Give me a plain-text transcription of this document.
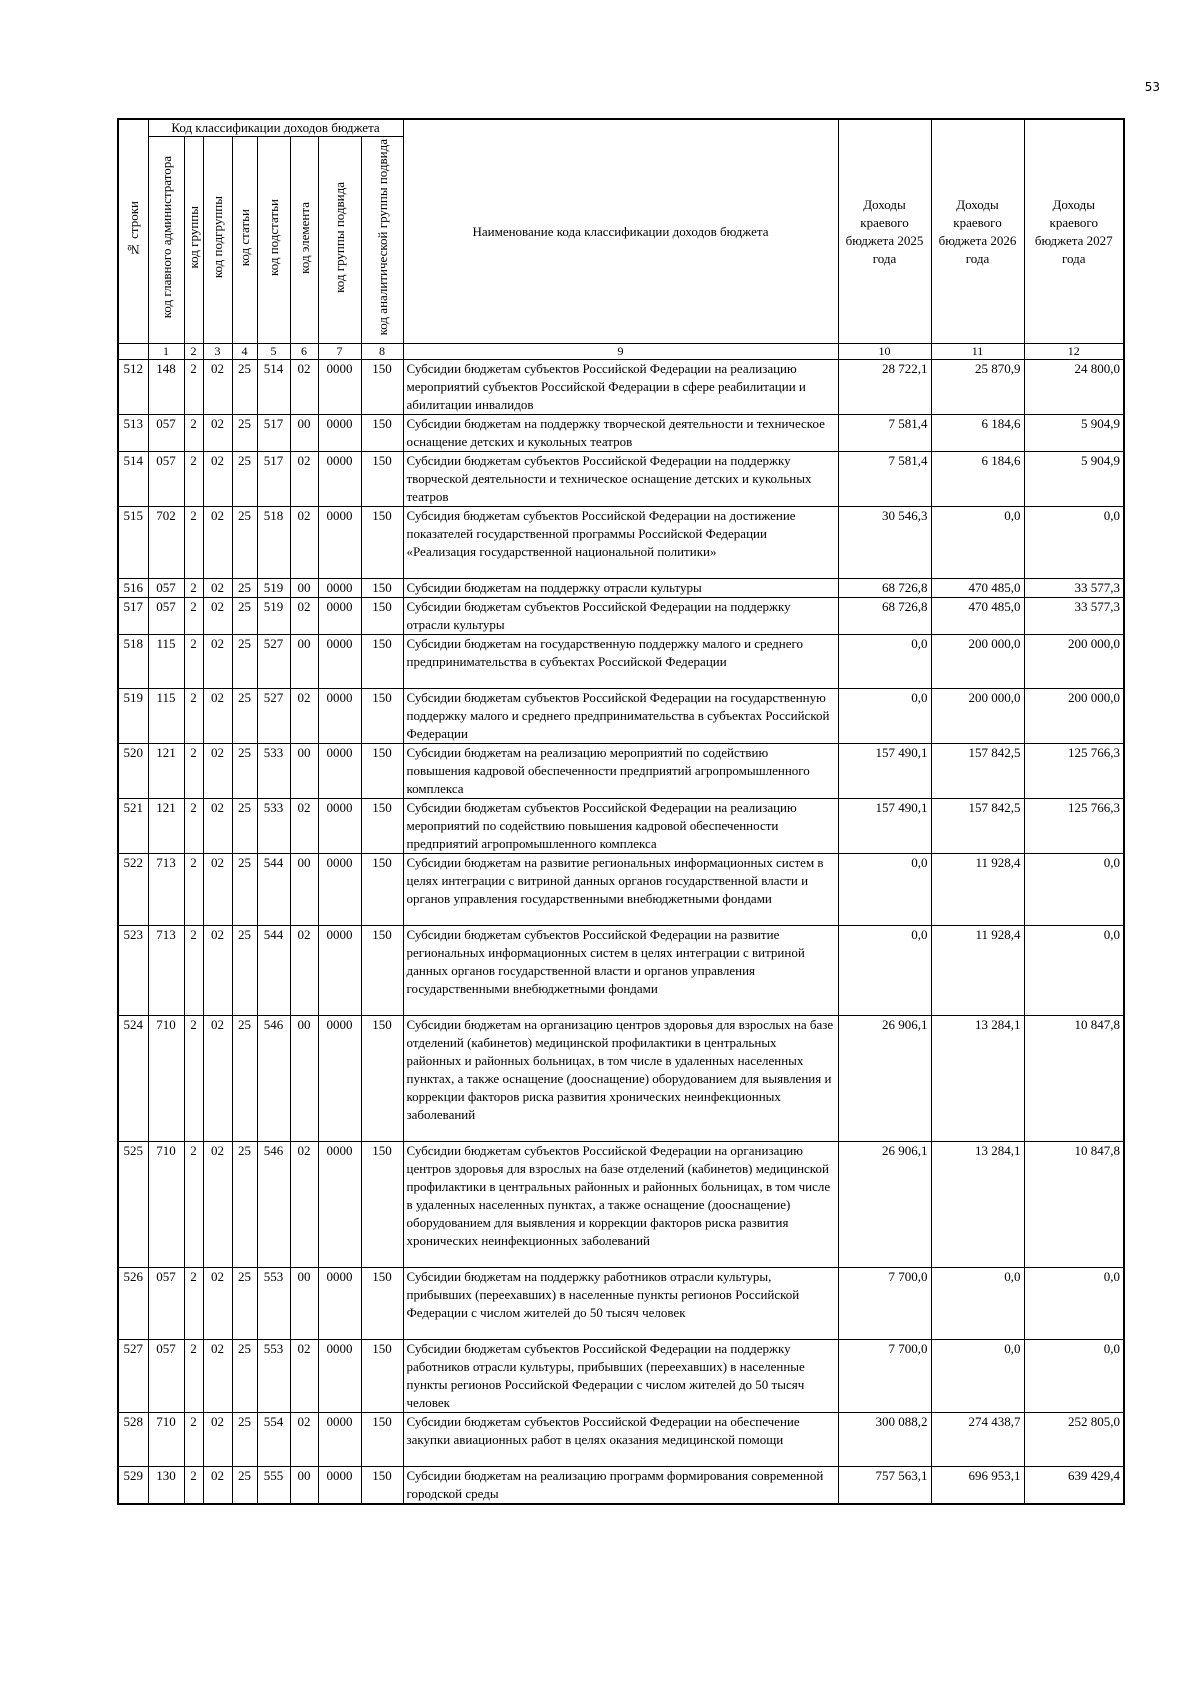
53
№ строки	Код классификации доходов бюджета								Наименование кода классификации доходов бюджета	Доходы краевого бюджета 2025 года	Доходы краевого бюджета 2026 года	Доходы краевого бюджета 2027 года
	код главного администратора	код группы	код подгруппы	код статьи	код подстатьи	код элемента	код группы подвида	код аналитической группы подвида				
	1	2	3	4	5	6	7	8	9	10	11	12
512	148	2	02	25	514	02	0000	150	Субсидии бюджетам субъектов Российской Федерации на реализацию мероприятий субъектов Российской Федерации в сфере реабилитации и абилитации инвалидов	28 722,1	25 870,9	24 800,0
513	057	2	02	25	517	00	0000	150	Субсидии бюджетам на поддержку творческой деятельности и техническое оснащение детских и кукольных театров	7 581,4	6 184,6	5 904,9
514	057	2	02	25	517	02	0000	150	Субсидии бюджетам субъектов Российской Федерации на поддержку творческой деятельности и техническое оснащение детских и кукольных театров	7 581,4	6 184,6	5 904,9
515	702	2	02	25	518	02	0000	150	Субсидия бюджетам субъектов Российской Федерации на достижение показателей государственной программы Российской Федерации «Реализация государственной национальной политики»	30 546,3	0,0	0,0
516	057	2	02	25	519	00	0000	150	Субсидии бюджетам на поддержку отрасли культуры	68 726,8	470 485,0	33 577,3
517	057	2	02	25	519	02	0000	150	Субсидии бюджетам субъектов Российской Федерации на поддержку отрасли культуры	68 726,8	470 485,0	33 577,3
518	115	2	02	25	527	00	0000	150	Субсидии бюджетам на государственную поддержку малого и среднего предпринимательства в субъектах Российской Федерации	0,0	200 000,0	200 000,0
519	115	2	02	25	527	02	0000	150	Субсидии бюджетам субъектов Российской Федерации на государственную поддержку малого и среднего предпринимательства в субъектах Российской Федерации	0,0	200 000,0	200 000,0
520	121	2	02	25	533	00	0000	150	Субсидии бюджетам на реализацию мероприятий по содействию повышения кадровой обеспеченности предприятий агропромышленного комплекса	157 490,1	157 842,5	125 766,3
521	121	2	02	25	533	02	0000	150	Субсидии бюджетам субъектов Российской Федерации на реализацию мероприятий по содействию повышения кадровой обеспеченности предприятий агропромышленного комплекса	157 490,1	157 842,5	125 766,3
522	713	2	02	25	544	00	0000	150	Субсидии бюджетам на развитие региональных информационных систем в целях интеграции с витриной данных органов государственной власти и органов управления государственными внебюджетными фондами	0,0	11 928,4	0,0
523	713	2	02	25	544	02	0000	150	Субсидии бюджетам субъектов Российской Федерации на развитие региональных информационных систем в целях интеграции с витриной данных органов государственной власти и органов управления государственными внебюджетными фондами	0,0	11 928,4	0,0
524	710	2	02	25	546	00	0000	150	Субсидии бюджетам на организацию центров здоровья для взрослых на базе отделений (кабинетов) медицинской профилактики в центральных районных и районных больницах, в том числе в удаленных населенных пунктах, а также оснащение (дооснащение) оборудованием для выявления и коррекции факторов риска развития хронических неинфекционных заболеваний	26 906,1	13 284,1	10 847,8
525	710	2	02	25	546	02	0000	150	Субсидии бюджетам субъектов Российской Федерации на организацию центров здоровья для взрослых на базе отделений (кабинетов) медицинской профилактики в центральных районных и районных больницах, в том числе в удаленных населенных пунктах, а также оснащение (дооснащение) оборудованием для выявления и коррекции факторов риска развития хронических неинфекционных заболеваний	26 906,1	13 284,1	10 847,8
526	057	2	02	25	553	00	0000	150	Субсидии бюджетам на поддержку работников отрасли культуры, прибывших (переехавших) в населенные пункты регионов Российской Федерации с числом жителей до 50 тысяч человек	7 700,0	0,0	0,0
527	057	2	02	25	553	02	0000	150	Субсидии бюджетам субъектов Российской Федерации на поддержку работников отрасли культуры, прибывших (переехавших) в населенные пункты регионов Российской Федерации с числом жителей до 50 тысяч человек	7 700,0	0,0	0,0
528	710	2	02	25	554	02	0000	150	Субсидии бюджетам субъектов Российской Федерации на обеспечение закупки авиационных работ в целях оказания медицинской помощи	300 088,2	274 438,7	252 805,0
529	130	2	02	25	555	00	0000	150	Субсидии бюджетам на реализацию программ формирования современной городской среды	757 563,1	696 953,1	639 429,4
